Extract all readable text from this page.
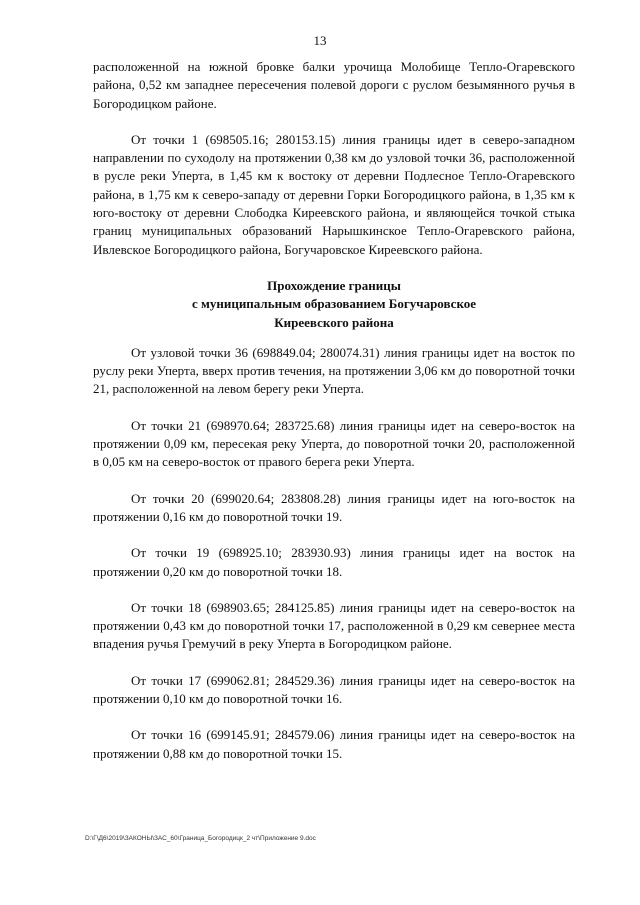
13

расположенной на южной бровке балки урочища Молобище Тепло-Огаревского района, 0,52 км западнее пересечения полевой дороги с руслом безымянного ручья в Богородицком районе.

От точки 1 (698505.16; 280153.15) линия границы идет в северо-западном направлении по суходолу на протяжении 0,38 км до узловой точки 36, расположенной в русле реки Уперта, в 1,45 км к востоку от деревни Подлесное Тепло-Огаревского района, в 1,75 км к северо-западу от деревни Горки Богородицкого района, в 1,35 км к юго-востоку от деревни Слободка Киреевского района, и являющейся точкой стыка границ муниципальных образований Нарышкинское Тепло-Огаревского района, Ивлевское Богородицкого района, Богучаровское Киреевского района.

Прохождение границы
с муниципальным образованием Богучаровское
Киреевского района

От узловой точки 36 (698849.04; 280074.31) линия границы идет на восток по руслу реки Уперта, вверх против течения, на протяжении 3,06 км до поворотной точки 21, расположенной на левом берегу реки Уперта.

От точки 21 (698970.64; 283725.68) линия границы идет на северо-восток на протяжении 0,09 км, пересекая реку Уперта, до поворотной точки 20, расположенной в 0,05 км на северо-восток от правого берега реки Уперта.

От точки 20 (699020.64; 283808.28) линия границы идет на юго-восток на протяжении 0,16 км до поворотной точки 19.

От точки 19 (698925.10; 283930.93) линия границы идет на восток на протяжении 0,20 км до поворотной точки 18.

От точки 18 (698903.65; 284125.85) линия границы идет на северо-восток на протяжении 0,43 км до поворотной точки 17, расположенной в 0,29 км севернее места впадения ручья Гремучий в реку Уперта в Богородицком районе.

От точки 17 (699062.81; 284529.36) линия границы идет на северо-восток на протяжении 0,10 км до поворотной точки 16.

От точки 16 (699145.91; 284579.06) линия границы идет на северо-восток на протяжении 0,88 км до поворотной точки 15.

D:\Г\Д6\2019\ЗАКОНЫ\ЗАС_60\Граница_Богородицк_2 чт\Приложение 9.doc
